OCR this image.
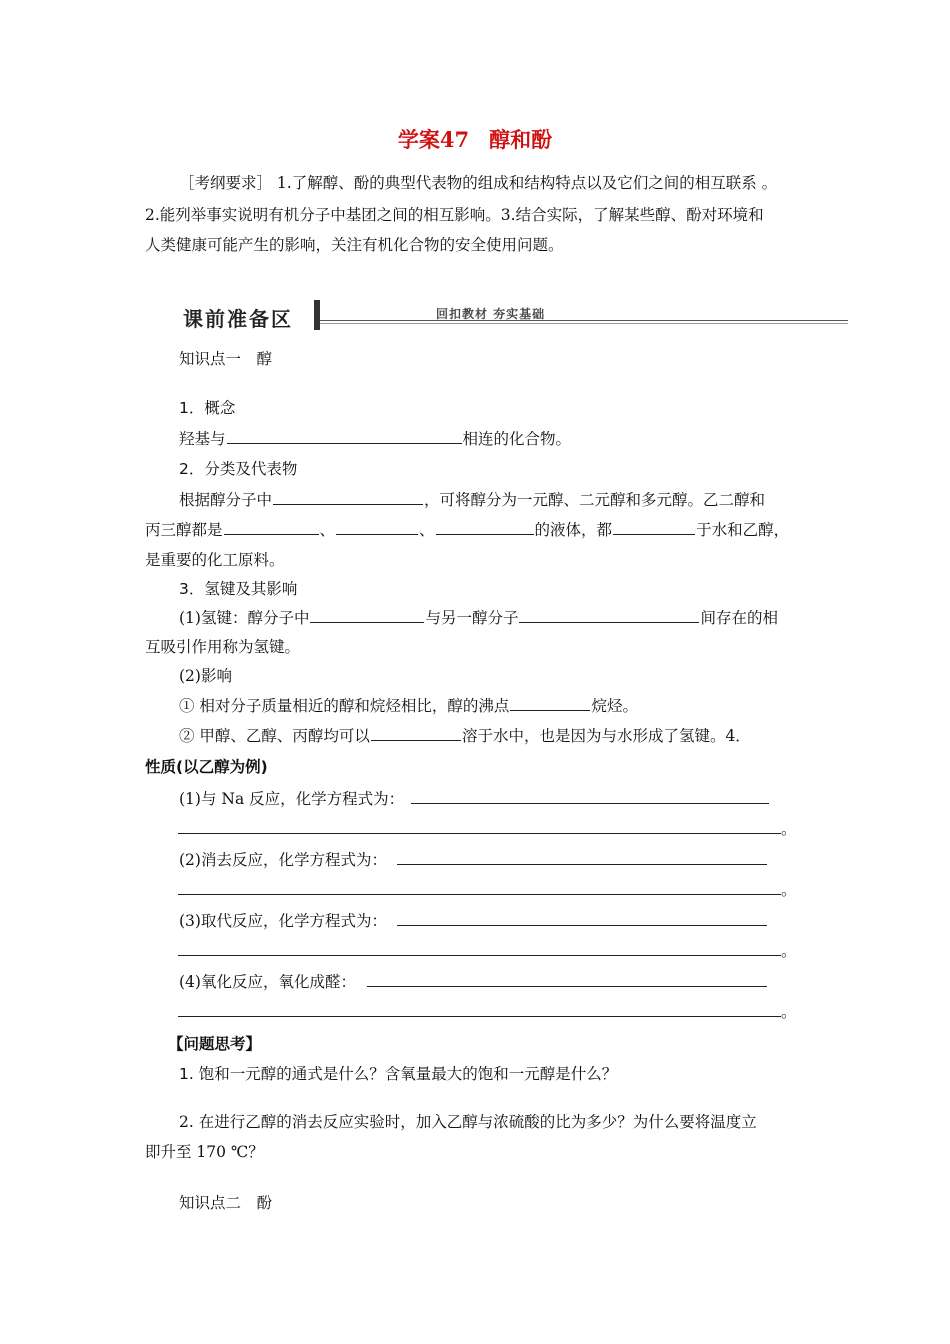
学案47 醇和酚
［考纲要求］ 1.了解醇、酚的典型代表物的组成和结构特点以及它们之间的相互联系 。
2.能列举事实说明有机分子中基团之间的相互影响。3.结合实际，了解某些醇、酚对环境和
人类健康可能产生的影响，关注有机化合物的安全使用问题。
课前准备区	回扣教材 夯实基础
知识点一　醇
1．概念
羟基与	相连的化合物。
2．分类及代表物
根据醇分子中	，可将醇分为一元醇、二元醇和多元醇。乙二醇和
丙三醇都是	、	、	的液体，都	于水和乙醇，
是重要的化工原料。
3．氢键及其影响
(1)氢键：醇分子中	与另一醇分子	间存在的相
互吸引作用称为氢键。
(2)影响
① 相对分子质量相近的醇和烷烃相比，醇的沸点	烷烃。
② 甲醇、乙醇、丙醇均可以	溶于水中，也是因为与水形成了氢键。4．
性质(以乙醇为例)
(1)与 Na 反应，化学方程式为：
。
(2)消去反应，化学方程式为：
。
(3)取代反应，化学方程式为：
。
(4)氧化反应，氧化成醛：
。
【问题思考】
1. 饱和一元醇的通式是什么？含氧量最大的饱和一元醇是什么？
2. 在进行乙醇的消去反应实验时，加入乙醇与浓硫酸的比为多少？为什么要将温度立
即升至 170 ℃？
知识点二　酚
